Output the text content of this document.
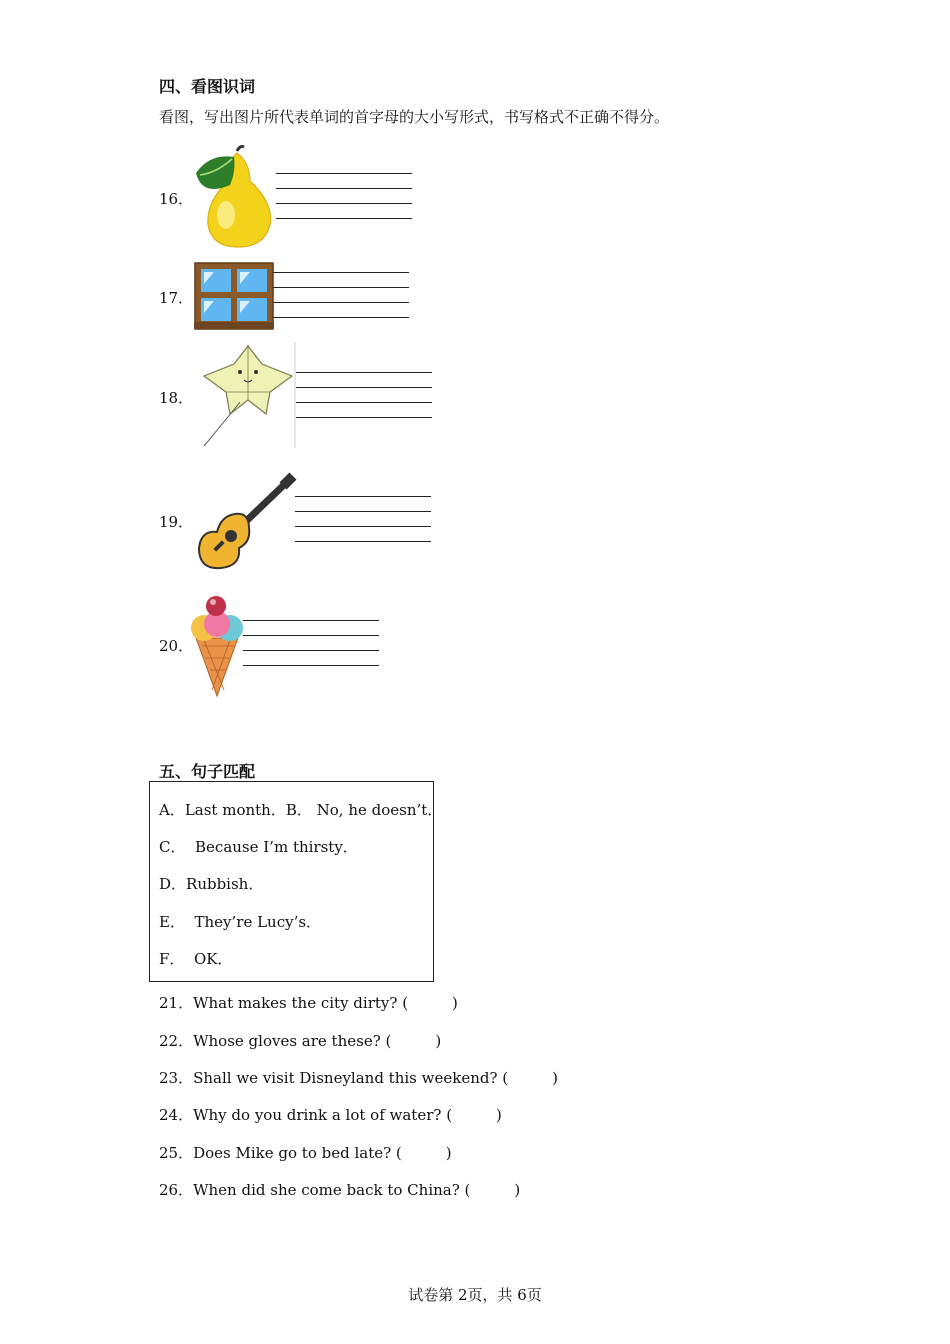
四、看图识词
看图，写出图片所代表单词的首字母的大小写形式，书写格式不正确不得分。
16．
17．
18．
19．
20．
五、句子匹配
A．Last month．B． No, he doesn’t．
C．  Because I’m thirsty．
D．Rubbish．
E．  They’re Lucy’s．
F．  OK．
21．What makes the city dirty? (	)
22．Whose gloves are these? (	)
23．Shall we visit Disneyland this weekend? (	)
24．Why do you drink a lot of water? (	)
25．Does Mike go to bed late? (	)
26．When did she come back to China? (	)
试卷第 2页，共 6页
